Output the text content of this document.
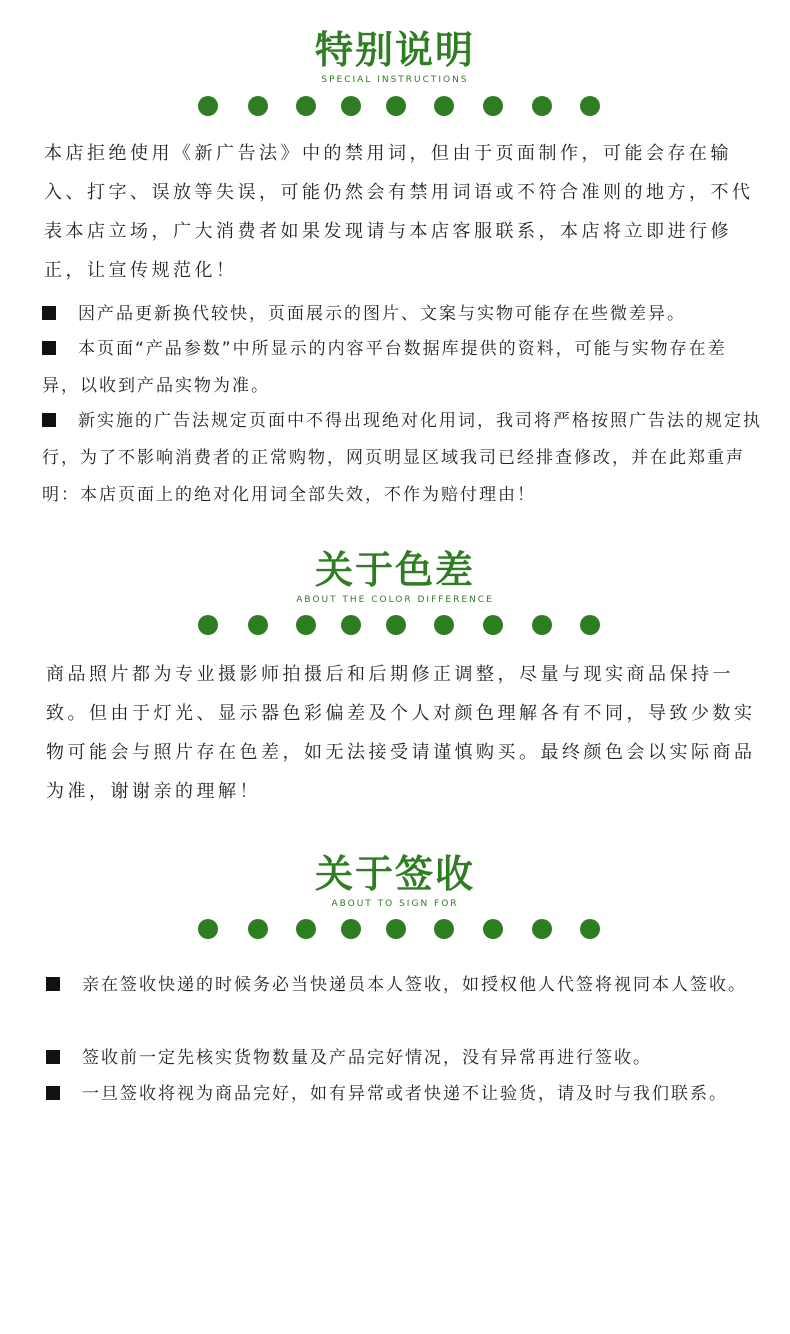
特别说明
SPECIAL INSTRUCTIONS

本店拒绝使用《新广告法》中的禁用词，但由于页面制作，可能会存在输入、打字、误放等失误，可能仍然会有禁用词语或不符合准则的地方，不代表本店立场，广大消费者如果发现请与本店客服联系，本店将立即进行修正，让宣传规范化！

因产品更新换代较快，页面展示的图片、文案与实物可能存在些微差异。

本页面“产品参数”中所显示的内容平台数据库提供的资料，可能与实物存在差异，以收到产品实物为准。

新实施的广告法规定页面中不得出现绝对化用词，我司将严格按照广告法的规定执行，为了不影响消费者的正常购物，网页明显区域我司已经排查修改，并在此郑重声明：本店页面上的绝对化用词全部失效，不作为赔付理由！

关于色差
ABOUT THE COLOR DIFFERENCE

商品照片都为专业摄影师拍摄后和后期修正调整，尽量与现实商品保持一致。但由于灯光、显示器色彩偏差及个人对颜色理解各有不同，导致少数实物可能会与照片存在色差，如无法接受请谨慎购买。最终颜色会以实际商品为准，谢谢亲的理解！

关于签收
ABOUT TO SIGN FOR

亲在签收快递的时候务必当快递员本人签收，如授权他人代签将视同本人签收。

签收前一定先核实货物数量及产品完好情况，没有异常再进行签收。

一旦签收将视为商品完好，如有异常或者快递不让验货，请及时与我们联系。
